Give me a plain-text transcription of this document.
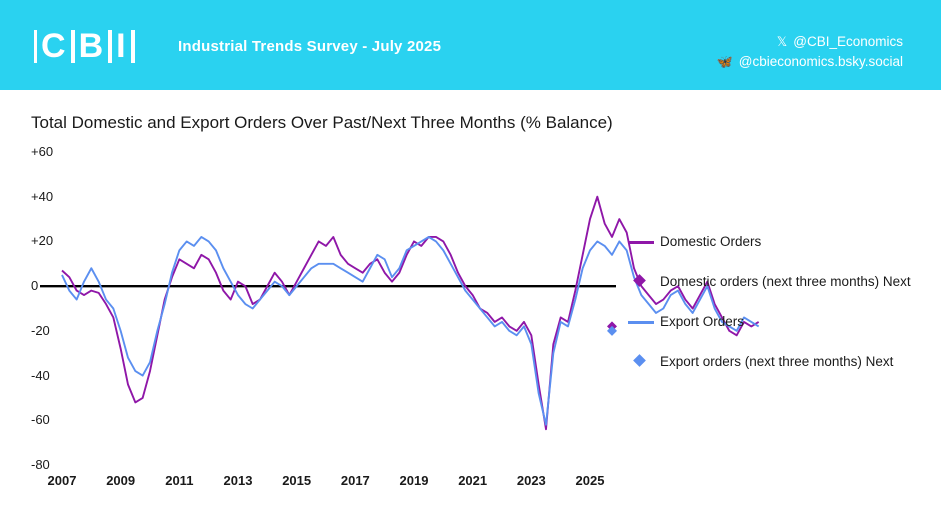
C B I	Industrial Trends Survey - July 2025	𝕏 @CBI_Economics
🦋 @cbieconomics.bsky.social
Total Domestic and Export Orders Over Past/Next Three Months (% Balance)
+60
+40
+20
0
-20
-40
-60
-80
2007	2009	2011	2013	2015	2017	2019	2021	2023	2025
Domestic Orders
Domestic orders (next three months) Next
Export Orders
Export orders (next three months) Next
